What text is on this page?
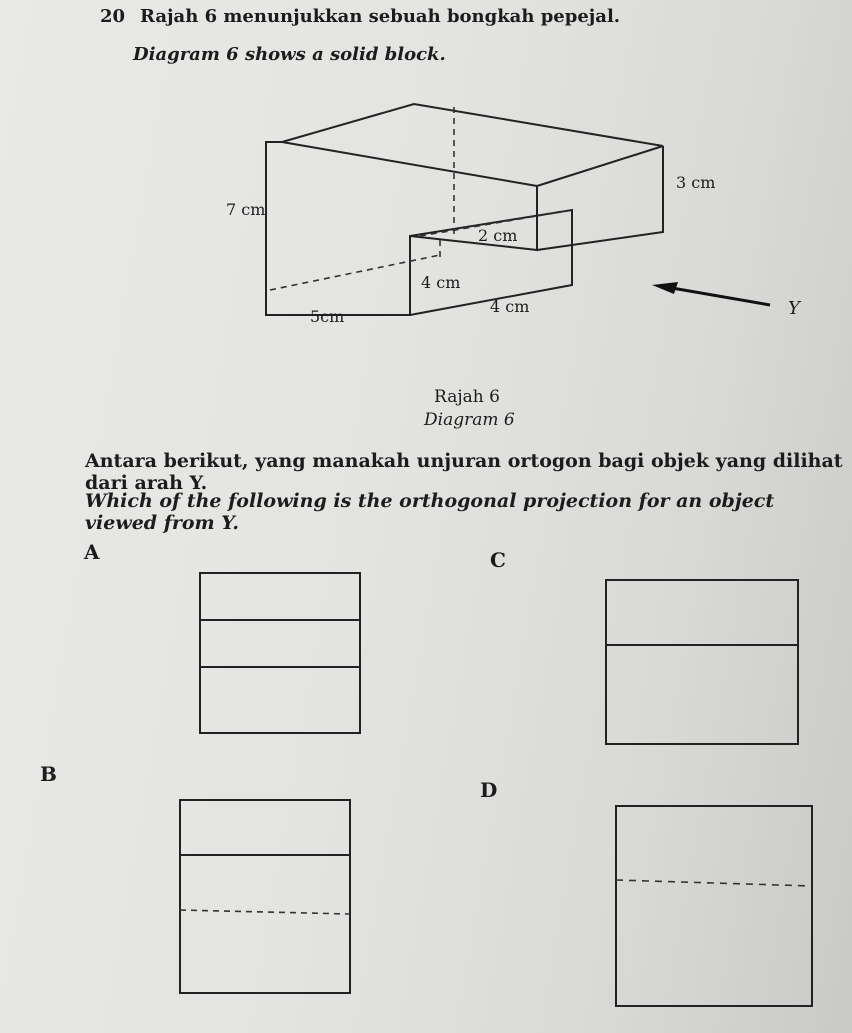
20 Rajah 6 menunjukkan sebuah bongkah pepejal.
Diagram 6 shows a solid block.
7 cm
3 cm
2 cm
4 cm
5cm
4 cm	Y
Rajah 6
Diagram 6
Antara berikut, yang manakah unjuran ortogon bagi objek yang dilihat dari arah Y.
Which of the following is the orthogonal projection for an object viewed from Y.
A
B
C
D
